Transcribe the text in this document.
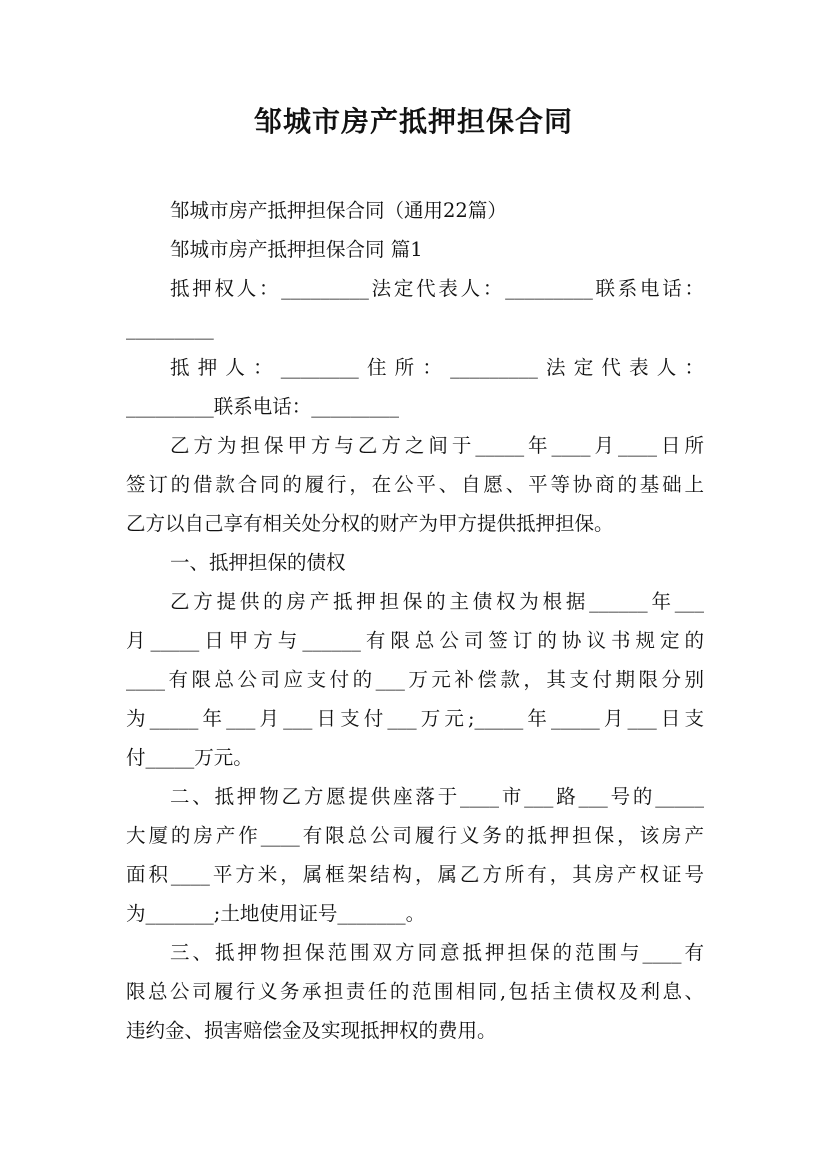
邹城市房产抵押担保合同
邹城市房产抵押担保合同（通用22篇）
邹城市房产抵押担保合同 篇1
抵押权人：_________法定代表人：_________联系电话：
_________
抵押人：________住所：_________法定代表人：
_________联系电话：_________
乙方为担保甲方与乙方之间于_____年____月____日所
签订的借款合同的履行，在公平、自愿、平等协商的基础上
乙方以自己享有相关处分权的财产为甲方提供抵押担保。
一、抵押担保的债权
乙方提供的房产抵押担保的主债权为根据______年___
月_____日甲方与______有限总公司签订的协议书规定的
____有限总公司应支付的___万元补偿款，其支付期限分别
为_____年___月___日支付___万元;_____年_____月___日支
付_____万元。
二、抵押物乙方愿提供座落于____市___路___号的_____
大厦的房产作____有限总公司履行义务的抵押担保，该房产
面积____平方米，属框架结构，属乙方所有，其房产权证号
为_______;土地使用证号_______。
三、抵押物担保范围双方同意抵押担保的范围与____有
限总公司履行义务承担责任的范围相同,包括主债权及利息、
违约金、损害赔偿金及实现抵押权的费用。
